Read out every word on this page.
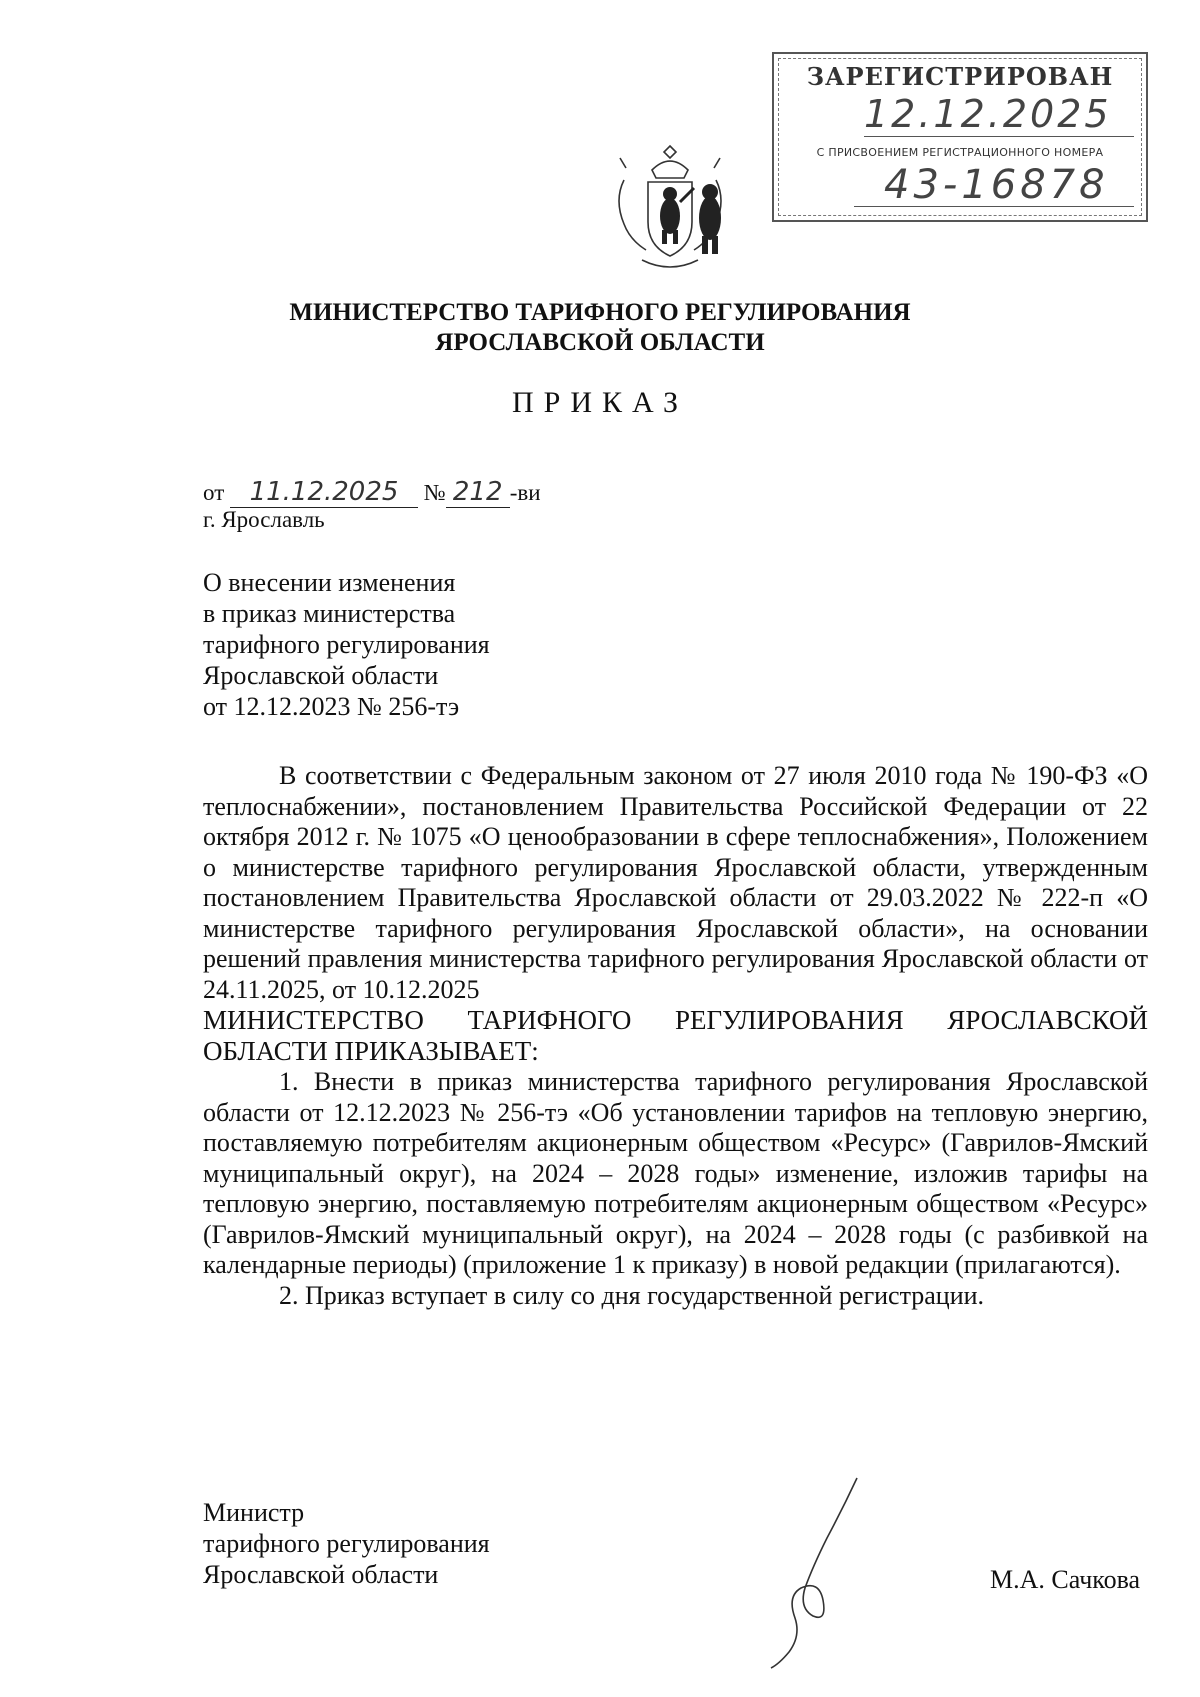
ЗАРЕГИСТРИРОВАН
12.12.2025
С ПРИСВОЕНИЕМ РЕГИСТРАЦИОННОГО НОМЕРА
43-16878
МИНИСТЕРСТВО ТАРИФНОГО РЕГУЛИРОВАНИЯ
ЯРОСЛАВСКОЙ ОБЛАСТИ
ПРИКАЗ
от 11.12.2025 № 212 -ви
г. Ярославль
О внесении изменения
в приказ министерства
тарифного регулирования
Ярославской области
от 12.12.2023 № 256-тэ

В соответствии с Федеральным законом от 27 июля 2010 года № 190-ФЗ «О теплоснабжении», постановлением Правительства Российской Федерации от 22 октября 2012 г. № 1075 «О ценообразовании в сфере теплоснабжения», Положением о министерстве тарифного регулирования Ярославской области, утвержденным постановлением Правительства Ярославской области от 29.03.2022 № 222-п «О министерстве тарифного регулирования Ярославской области», на основании решений правления министерства тарифного регулирования Ярославской области от 24.11.2025, от 10.12.2025

МИНИСТЕРСТВО ТАРИФНОГО РЕГУЛИРОВАНИЯ ЯРОСЛАВСКОЙ ОБЛАСТИ ПРИКАЗЫВАЕТ:

1. Внести в приказ министерства тарифного регулирования Ярославской области от 12.12.2023 № 256-тэ «Об установлении тарифов на тепловую энергию, поставляемую потребителям акционерным обществом «Ресурс» (Гаврилов-Ямский муниципальный округ), на 2024 – 2028 годы» изменение, изложив тарифы на тепловую энергию, поставляемую потребителям акционерным обществом «Ресурс» (Гаврилов-Ямский муниципальный округ), на 2024 – 2028 годы (с разбивкой на календарные периоды) (приложение 1 к приказу) в новой редакции (прилагаются).

2. Приказ вступает в силу со дня государственной регистрации.

Министр
тарифного регулирования
Ярославской области	М.А. Сачкова
